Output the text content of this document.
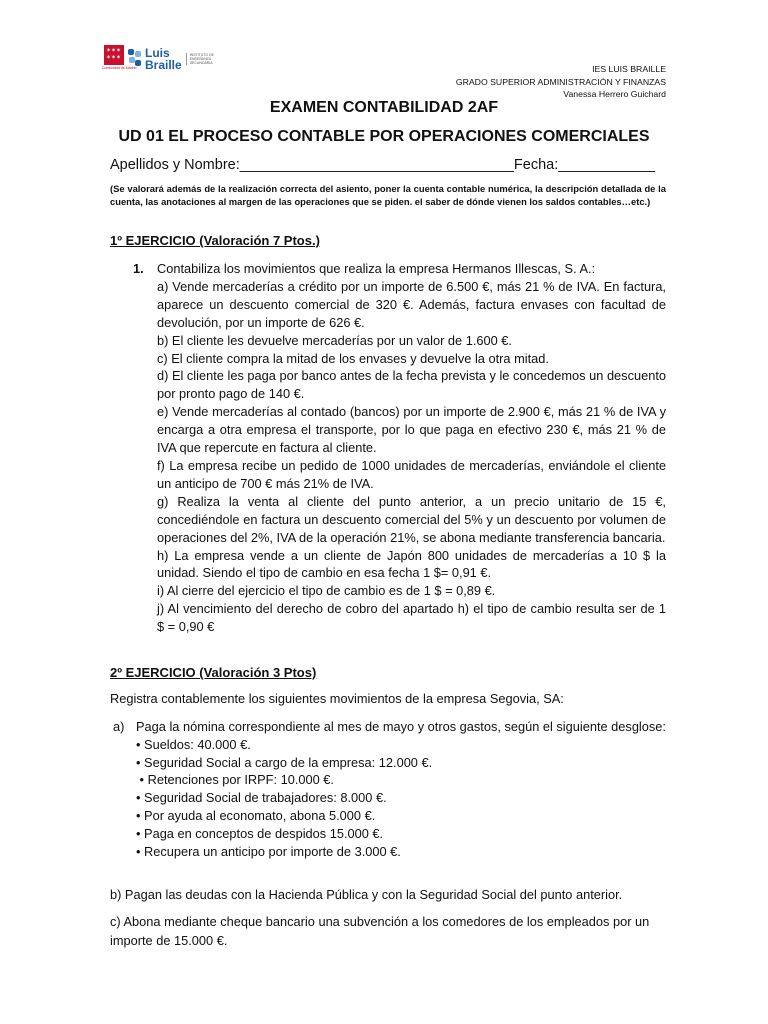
✶✶✶
✶✶✶
Comunidad de Madrid
Luis
Braille
INSTITUTO DE
ENSEÑANZA
SECUNDARIA
IES LUIS BRAILLE
GRADO SUPERIOR ADMINISTRACIÓN Y FINANZAS
Vanessa Herrero Guichard
EXAMEN CONTABILIDAD 2AF
UD 01 EL PROCESO CONTABLE POR OPERACIONES COMERCIALES
Apellidos y Nombre:__________________________________Fecha:____________
(Se valorará además de la realización correcta del asiento, poner la cuenta contable numérica, la descripción detallada de la cuenta, las anotaciones al margen de las operaciones que se piden. el saber de dónde vienen los saldos contables…etc.)
1º EJERCICIO (Valoración 7 Ptos.)
1. Contabiliza los movimientos que realiza la empresa Hermanos Illescas, S. A.:

a) Vende mercaderías a crédito por un importe de 6.500 €, más 21 % de IVA. En factura, aparece un descuento comercial de 320 €. Además, factura envases con facultad de devolución, por un importe de 626 €.

b) El cliente les devuelve mercaderías por un valor de 1.600 €.

c) El cliente compra la mitad de los envases y devuelve la otra mitad.

d) El cliente les paga por banco antes de la fecha prevista y le concedemos un descuento por pronto pago de 140 €.

e) Vende mercaderías al contado (bancos) por un importe de 2.900 €, más 21 % de IVA y encarga a otra empresa el transporte, por lo que paga en efectivo 230 €, más 21 % de IVA que repercute en factura al cliente.

f) La empresa recibe un pedido de 1000 unidades de mercaderías, enviándole el cliente un anticipo de 700 € más 21% de IVA.

g) Realiza la venta al cliente del punto anterior, a un precio unitario de 15 €, concediéndole en factura un descuento comercial del 5% y un descuento por volumen de operaciones del 2%, IVA de la operación 21%, se abona mediante transferencia bancaria.

h) La empresa vende a un cliente de Japón 800 unidades de mercaderías a 10 $ la unidad. Siendo el tipo de cambio en esa fecha 1 $= 0,91 €.

i) Al cierre del ejercicio el tipo de cambio es de 1 $ = 0,89 €.

j) Al vencimiento del derecho de cobro del apartado h) el tipo de cambio resulta ser de 1 $ = 0,90 €

2º EJERCICIO (Valoración 3 Ptos)
Registra contablemente los siguientes movimientos de la empresa Segovia, SA:
a) Paga la nómina correspondiente al mes de mayo y otros gastos, según el siguiente desglose:
• Sueldos: 40.000 €.
• Seguridad Social a cargo de la empresa: 12.000 €.
• Retenciones por IRPF: 10.000 €.
• Seguridad Social de trabajadores: 8.000 €.
• Por ayuda al economato, abona 5.000 €.
• Paga en conceptos de despidos 15.000 €.
• Recupera un anticipo por importe de 3.000 €.
b) Pagan las deudas con la Hacienda Pública y con la Seguridad Social del punto anterior.
c) Abona mediante cheque bancario una subvención a los comedores de los empleados por un importe de 15.000 €.
